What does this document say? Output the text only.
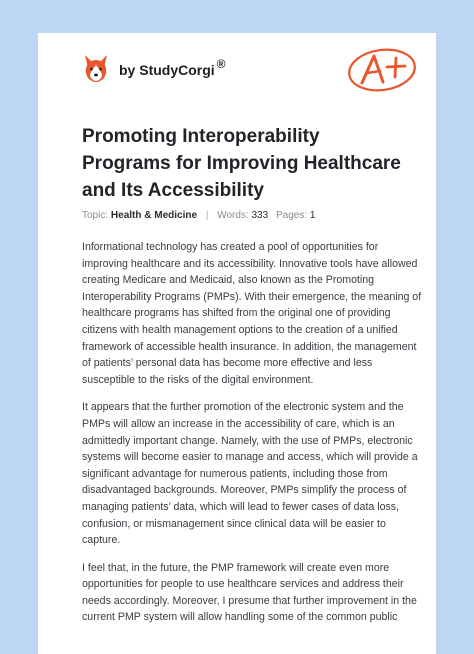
by StudyCorgi ®
Promoting Interoperability Programs for Improving Healthcare and Its Accessibility
Topic: Health & Medicine | Words: 333 Pages: 1

Informational technology has created a pool of opportunities for improving healthcare and its accessibility. Innovative tools have allowed creating Medicare and Medicaid, also known as the Promoting Interoperability Programs (PMPs). With their emergence, the meaning of healthcare programs has shifted from the original one of providing citizens with health management options to the creation of a unified framework of accessible health insurance. In addition, the management of patients’ personal data has become more effective and less susceptible to the risks of the digital environment.

It appears that the further promotion of the electronic system and the PMPs will allow an increase in the accessibility of care, which is an admittedly important change. Namely, with the use of PMPs, electronic systems will become easier to manage and access, which will provide a significant advantage for numerous patients, including those from disadvantaged backgrounds. Moreover, PMPs simplify the process of managing patients’ data, which will lead to fewer cases of data loss, confusion, or mismanagement since clinical data will be easier to capture.

I feel that, in the future, the PMP framework will create even more opportunities for people to use healthcare services and address their needs accordingly. Moreover, I presume that further improvement in the current PMP system will allow handling some of the common public
